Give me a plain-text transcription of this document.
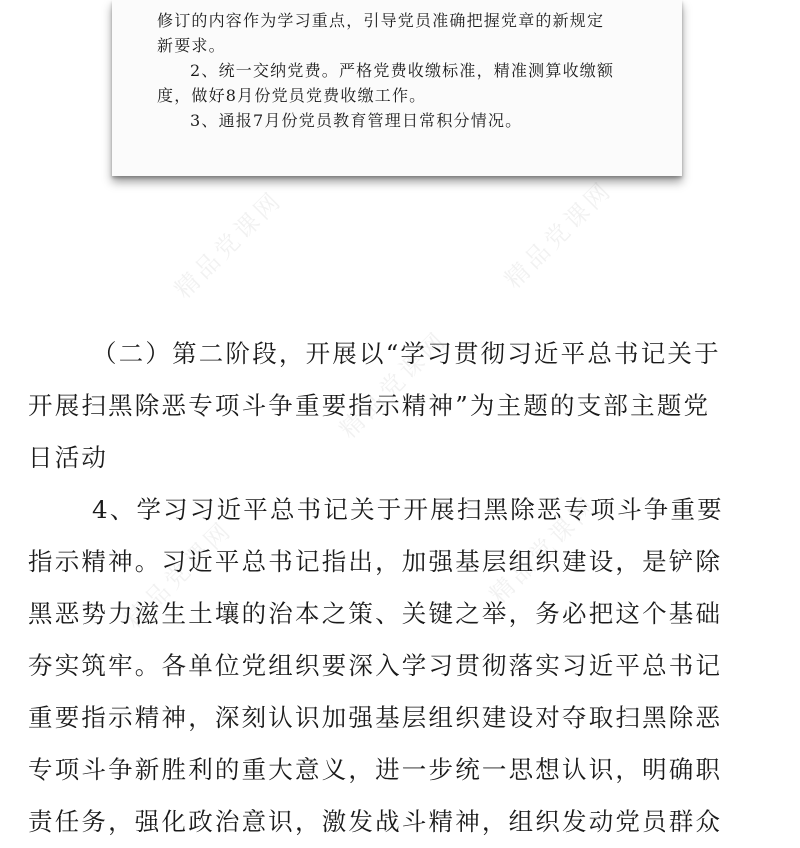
精品党课网	精品党课网
精品党课网
精品党课网	精品党课网

修订的内容作为学习重点，引导党员准确把握党章的新规定

新要求。

2、统一交纳党费。严格党费收缴标准，精准测算收缴额

度，做好8月份党员党费收缴工作。

3、通报7月份党员教育管理日常积分情况。

（二）第二阶段，开展以“学习贯彻习近平总书记关于

开展扫黑除恶专项斗争重要指示精神”为主题的支部主题党

日活动

4、学习习近平总书记关于开展扫黑除恶专项斗争重要

指示精神。习近平总书记指出，加强基层组织建设，是铲除

黑恶势力滋生土壤的治本之策、关键之举，务必把这个基础

夯实筑牢。各单位党组织要深入学习贯彻落实习近平总书记

重要指示精神，深刻认识加强基层组织建设对夺取扫黑除恶

专项斗争新胜利的重大意义，进一步统一思想认识，明确职

责任务，强化政治意识，激发战斗精神，组织发动党员群众
